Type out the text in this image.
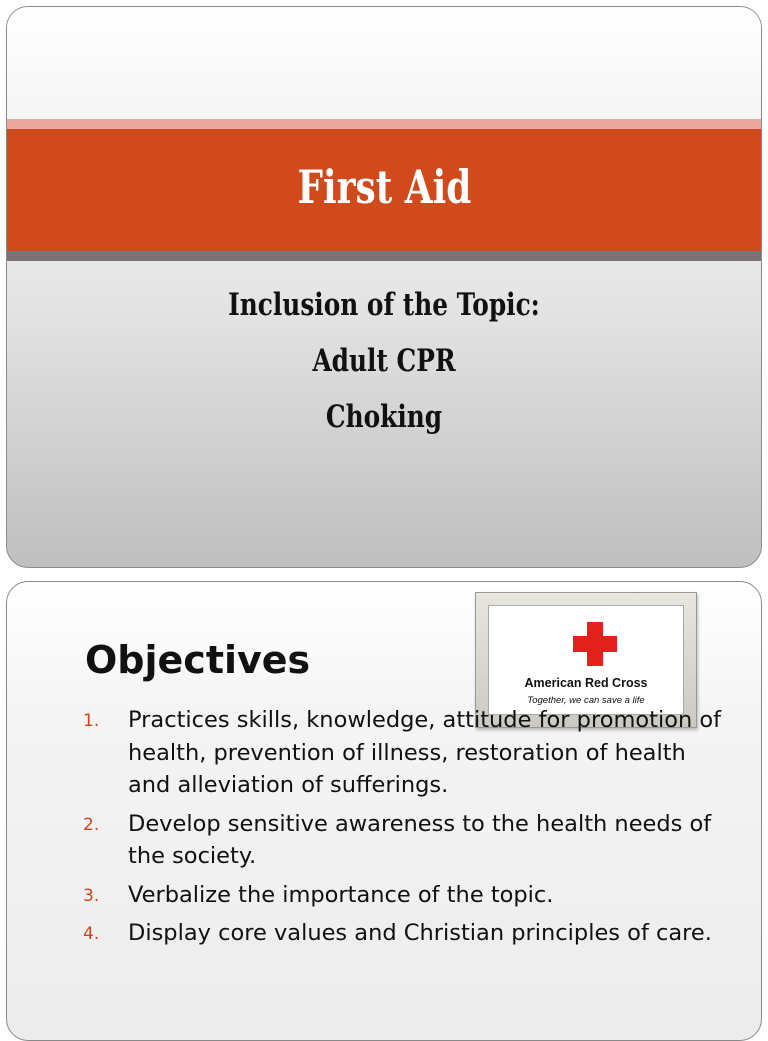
First Aid
Inclusion of the Topic:
Adult CPR
Choking
Objectives
American Red Cross
Together, we can save a life
1. Practices skills, knowledge, attitude for promotion of health, prevention of illness, restoration of health and alleviation of sufferings.
2. Develop sensitive awareness to the health needs of the society.
3. Verbalize the importance of the topic.
4. Display core values and Christian principles of care.
